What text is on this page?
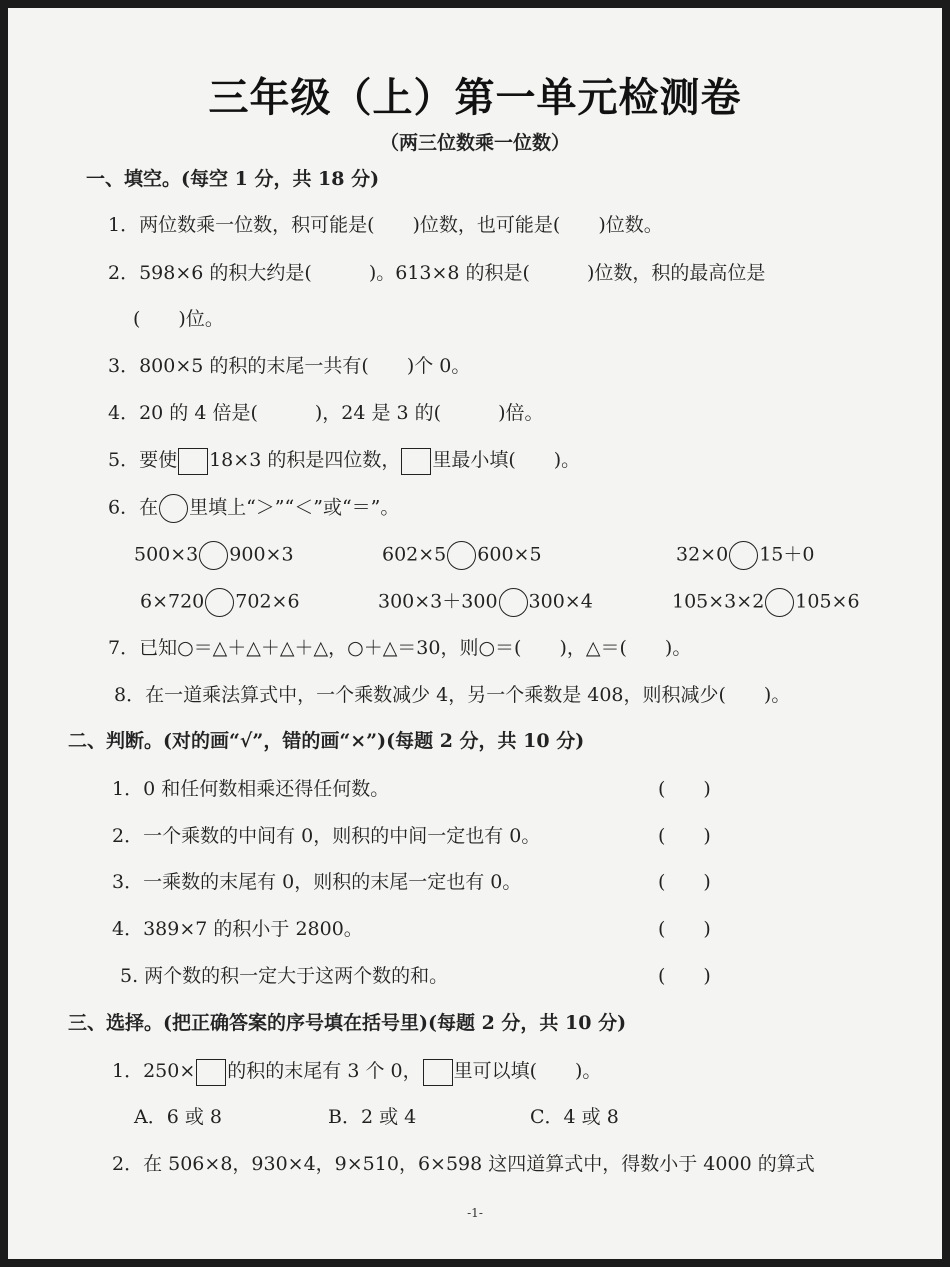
三年级（上）第一单元检测卷
（两三位数乘一位数）
一、填空。(每空 1 分，共 18 分)
1．两位数乘一位数，积可能是(　　)位数，也可能是(　　)位数。
2．598×6 的积大约是(　　　)。613×8 的积是(　　　)位数，积的最高位是
(　　)位。
3．800×5 的积的末尾一共有(　　)个 0。
4．20 的 4 倍是(　　　)，24 是 3 的(　　　)倍。
5．要使 18×3 的积是四位数， 里最小填(　　)。
6．在 里填上“＞”“＜”或“＝”。
500×3 900×3	602×5 600×5	32×0 15＋0
6×720 702×6	300×3＋300 300×4	105×3×2 105×6
7．已知○＝△＋△＋△＋△，○＋△＝30，则○＝(　　)，△＝(　　)。
8．在一道乘法算式中，一个乘数减少 4，另一个乘数是 408，则积减少(　　)。
二、判断。(对的画“√”，错的画“×”)(每题 2 分，共 10 分)
1．0 和任何数相乘还得任何数。	(　　)
2．一个乘数的中间有 0，则积的中间一定也有 0。	(　　)
3．一乘数的末尾有 0，则积的末尾一定也有 0。	(　　)
4．389×7 的积小于 2800。	(　　)
5. 两个数的积一定大于这两个数的和。	(　　)
三、选择。(把正确答案的序号填在括号里)(每题 2 分，共 10 分)
1．250× 的积的末尾有 3 个 0， 里可以填(　　)。
A．6 或 8	B．2 或 4	C．4 或 8
2．在 506×8，930×4，9×510，6×598 这四道算式中，得数小于 4000 的算式
-1-
